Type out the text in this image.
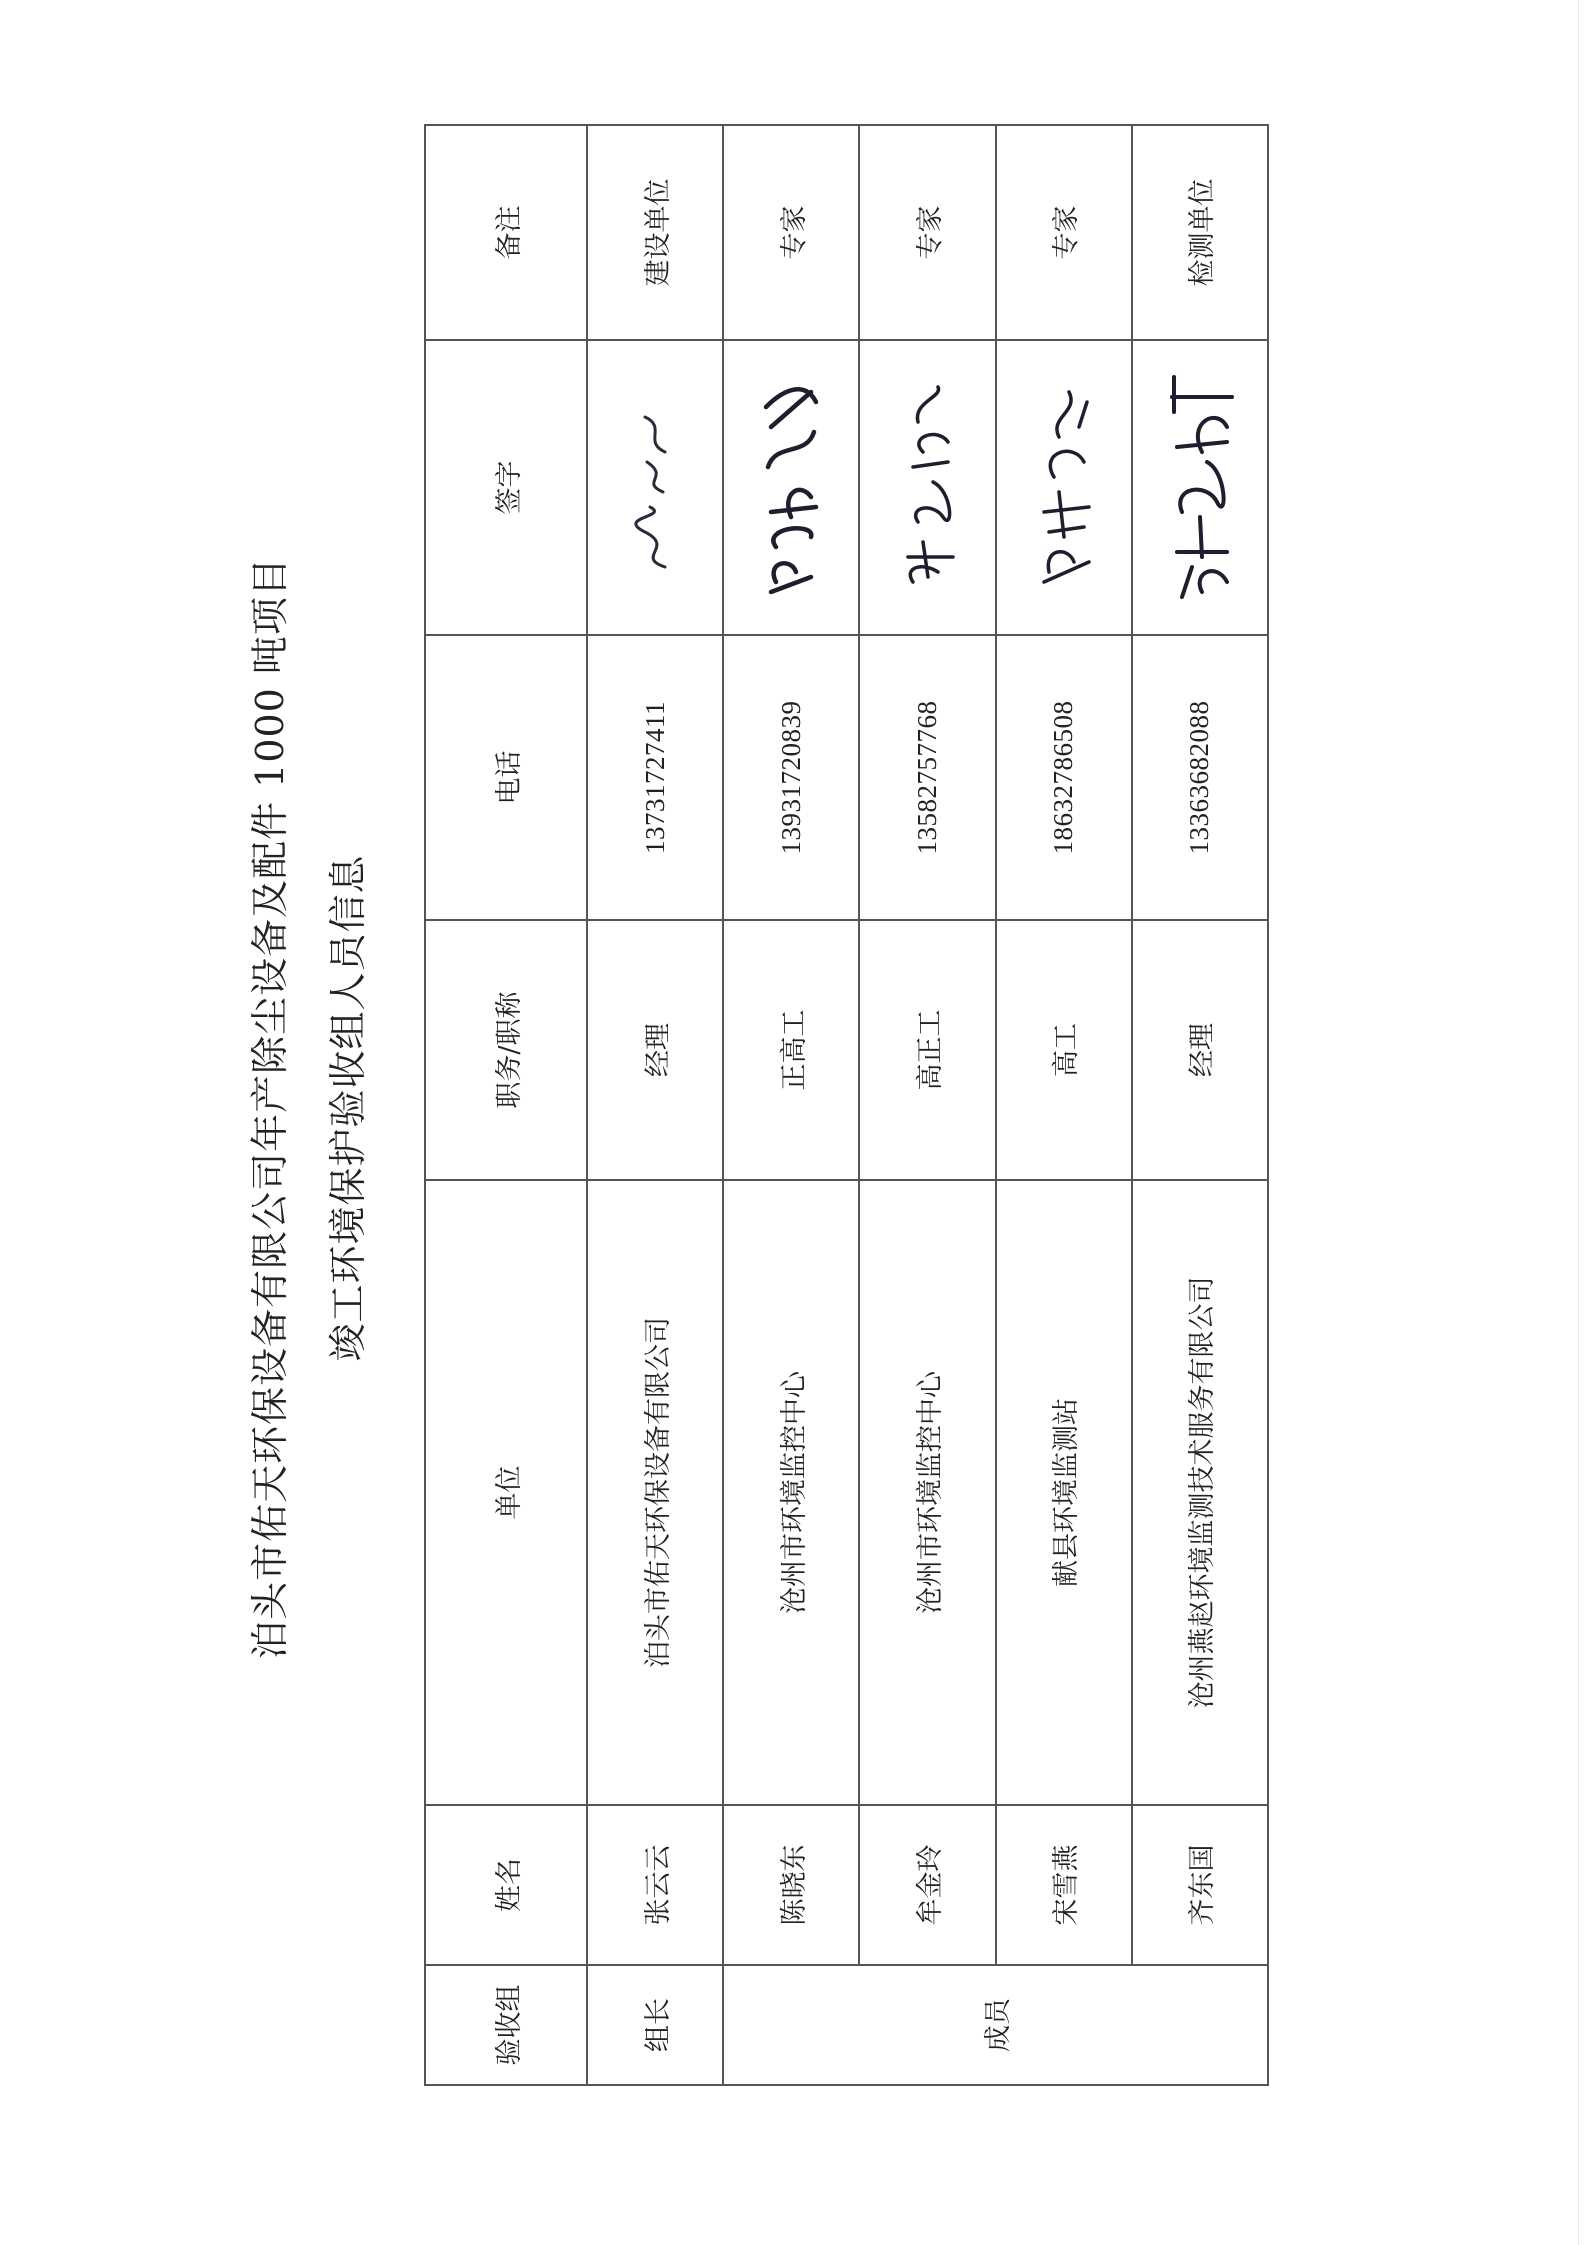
泊头市佑天环保设备有限公司年产除尘设备及配件 1000 吨项目 竣工环境保护验收组人员信息
验收组	姓名	单位	职务/职称	电话	签字	备注
组长	张云云	泊头市佑天环保设备有限公司	经理	13731727411		建设单位
成员	陈晓东	沧州市环境监控中心	正高工	13931720839		专家
	牟金玲	沧州市环境监控中心	高正工	13582757768		专家
	宋雪燕	献县环境监测站	高工	18632786508		专家
	齐东国	沧州燕赵环境监测技术服务有限公司	经理	13363682088		检测单位
